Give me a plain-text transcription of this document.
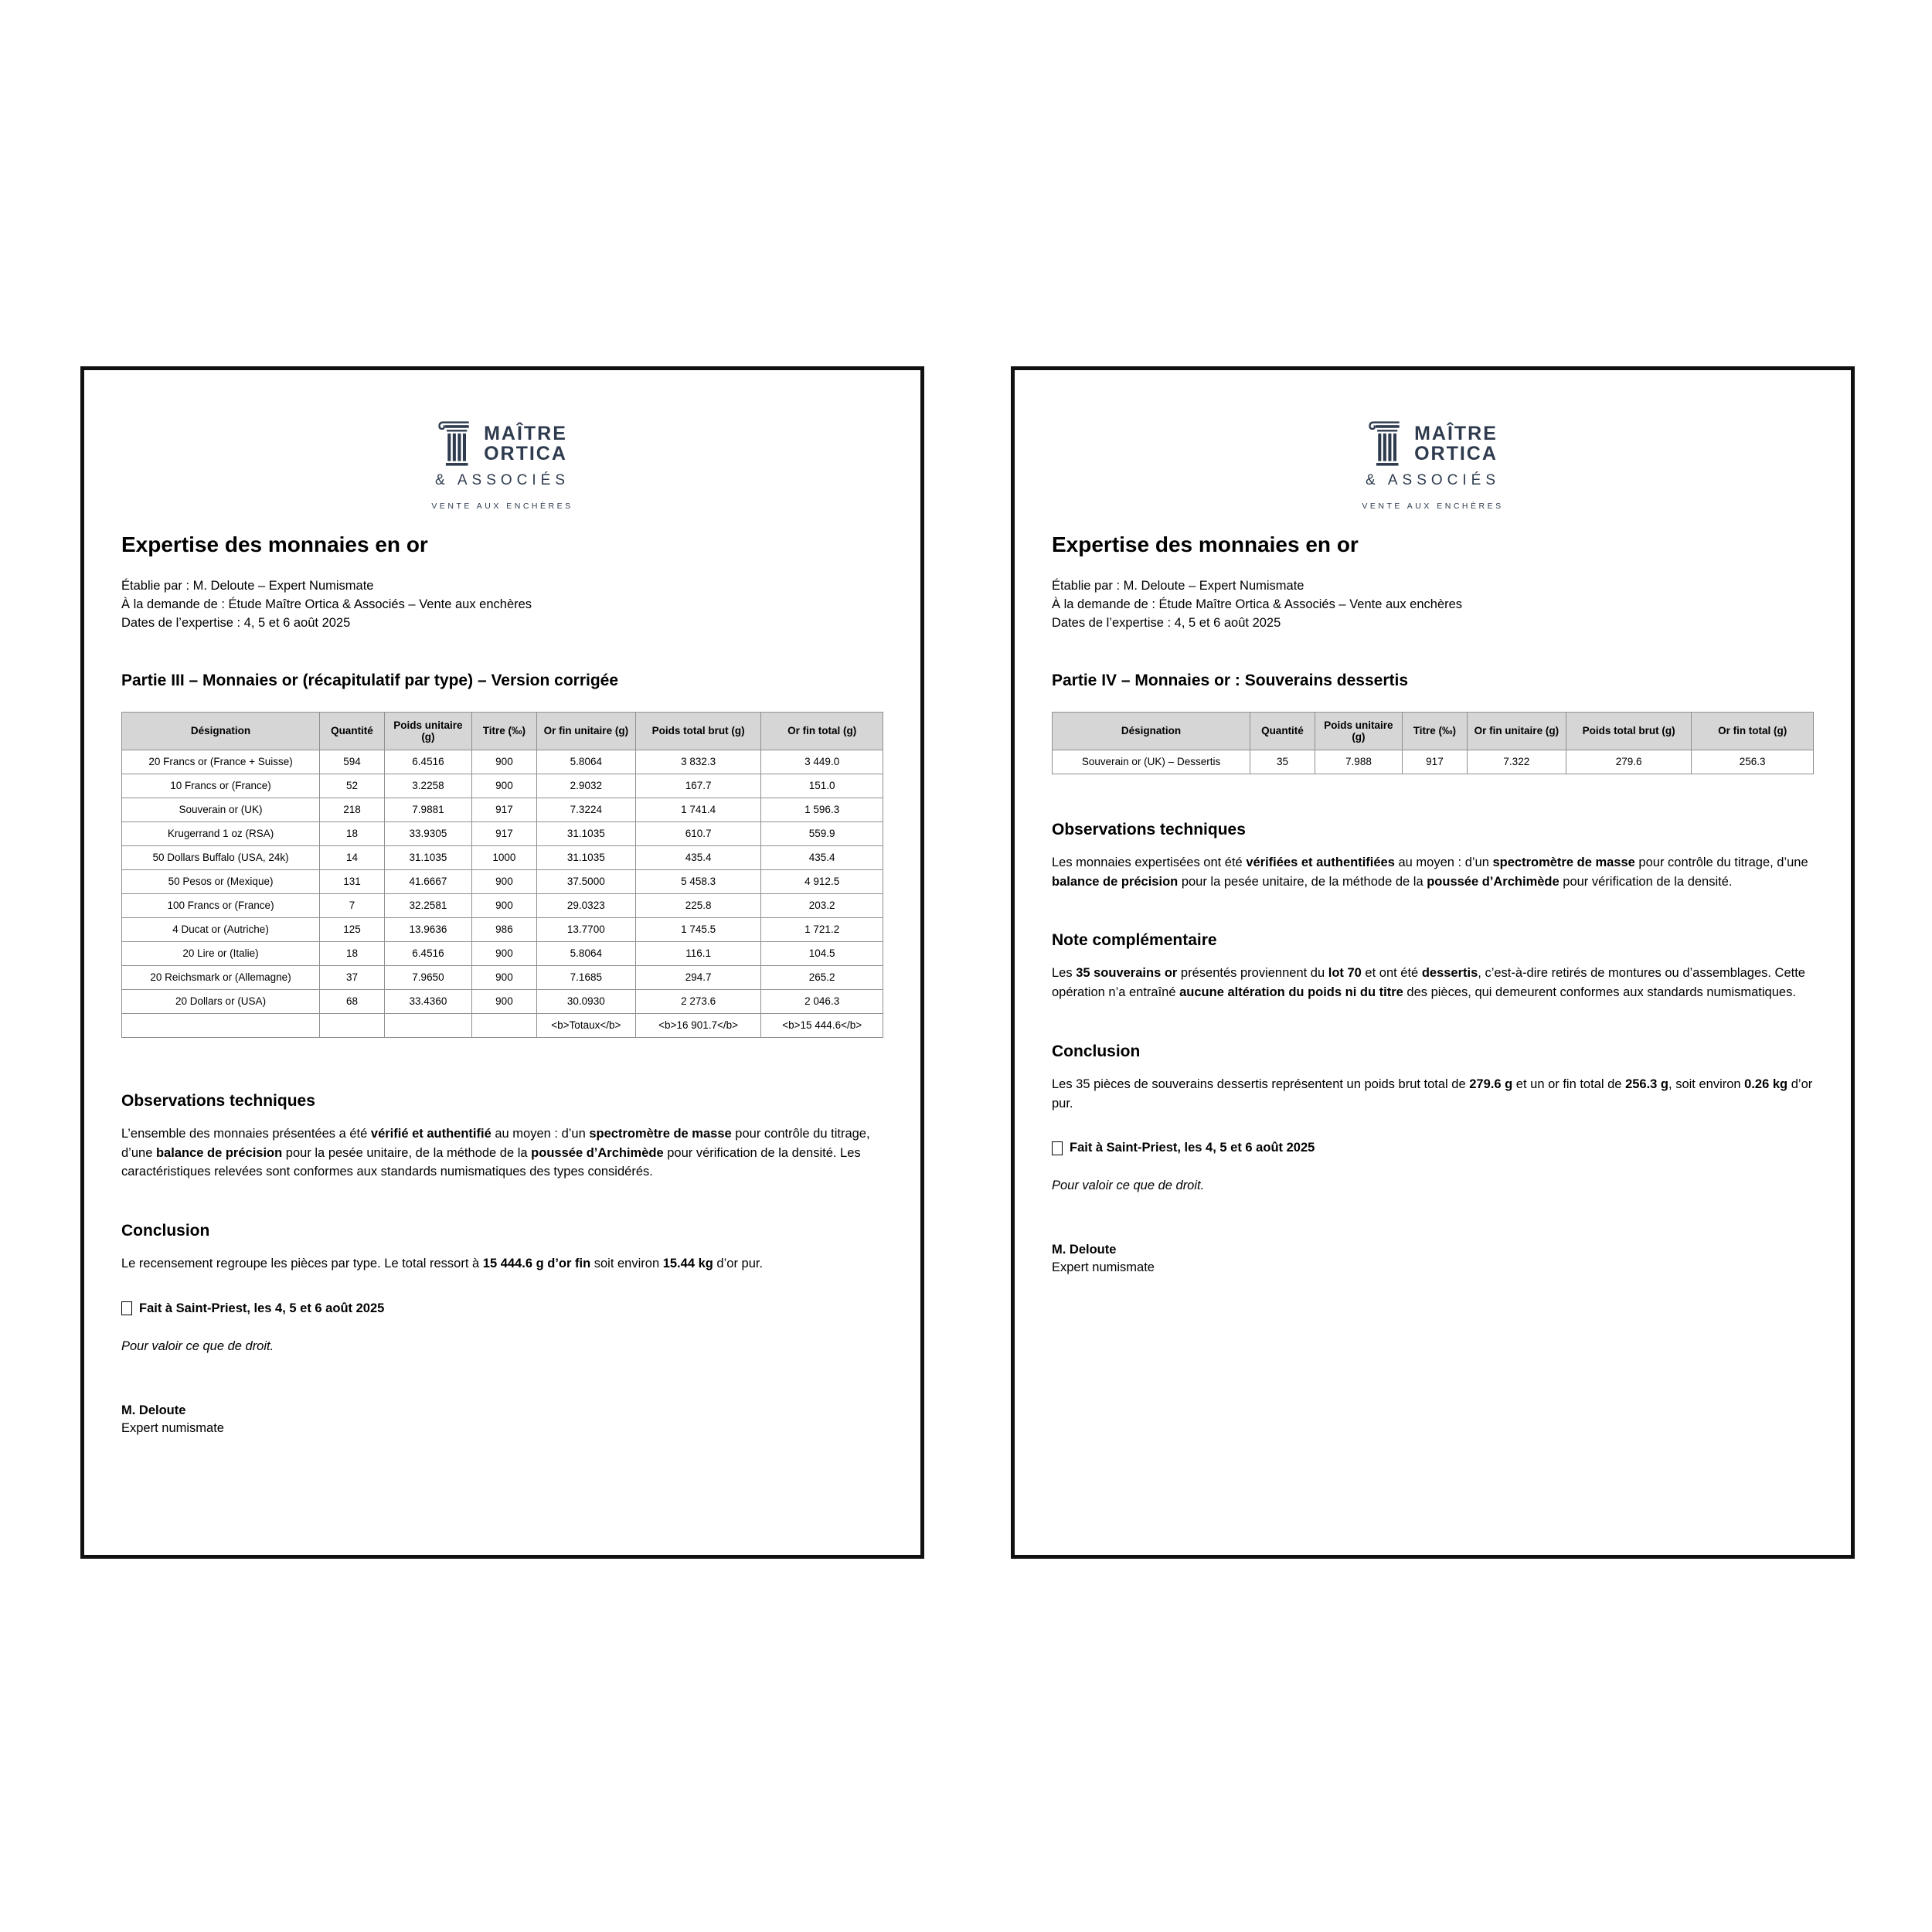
MAÎTRE
ORTICA
& ASSOCIÉS
VENTE AUX ENCHÈRES
Expertise des monnaies en or
Établie par : M. Deloute – Expert Numismate
À la demande de : Étude Maître Ortica & Associés – Vente aux enchères
Dates de l’expertise : 4, 5 et 6 août 2025
Partie III – Monnaies or (récapitulatif par type) – Version corrigée
Désignation	Quantité	Poids unitaire (g)	Titre (‰)	Or fin unitaire (g)	Poids total brut (g)	Or fin total (g)
20 Francs or (France + Suisse)	594	6.4516	900	5.8064	3 832.3	3 449.0
10 Francs or (France)	52	3.2258	900	2.9032	167.7	151.0
Souverain or (UK)	218	7.9881	917	7.3224	1 741.4	1 596.3
Krugerrand 1 oz (RSA)	18	33.9305	917	31.1035	610.7	559.9
50 Dollars Buffalo (USA, 24k)	14	31.1035	1000	31.1035	435.4	435.4
50 Pesos or (Mexique)	131	41.6667	900	37.5000	5 458.3	4 912.5
100 Francs or (France)	7	32.2581	900	29.0323	225.8	203.2
4 Ducat or (Autriche)	125	13.9636	986	13.7700	1 745.5	1 721.2
20 Lire or (Italie)	18	6.4516	900	5.8064	116.1	104.5
20 Reichsmark or (Allemagne)	37	7.9650	900	7.1685	294.7	265.2
20 Dollars or (USA)	68	33.4360	900	30.0930	2 273.6	2 046.3
				<b>Totaux</b>	<b>16 901.7</b>	<b>15 444.6</b>
Observations techniques

L’ensemble des monnaies présentées a été vérifié et authentifié au moyen : d’un spectromètre de masse pour contrôle du titrage, d’une balance de précision pour la pesée unitaire, de la méthode de la poussée d’Archimède pour vérification de la densité. Les caractéristiques relevées sont conformes aux standards numismatiques des types considérés.

Conclusion

Le recensement regroupe les pièces par type. Le total ressort à 15 444.6 g d’or fin soit environ 15.44 kg d’or pur.

Fait à Saint-Priest, les 4, 5 et 6 août 2025

Pour valoir ce que de droit.

M. Deloute
Expert numismate
MAÎTRE
ORTICA
& ASSOCIÉS
VENTE AUX ENCHÈRES
Expertise des monnaies en or
Établie par : M. Deloute – Expert Numismate
À la demande de : Étude Maître Ortica & Associés – Vente aux enchères
Dates de l’expertise : 4, 5 et 6 août 2025
Partie IV – Monnaies or : Souverains dessertis
Désignation	Quantité	Poids unitaire (g)	Titre (‰)	Or fin unitaire (g)	Poids total brut (g)	Or fin total (g)
Souverain or (UK) – Dessertis	35	7.988	917	7.322	279.6	256.3
Observations techniques

Les monnaies expertisées ont été vérifiées et authentifiées au moyen : d’un spectromètre de masse pour contrôle du titrage, d’une balance de précision pour la pesée unitaire, de la méthode de la poussée d’Archimède pour vérification de la densité.

Note complémentaire

Les 35 souverains or présentés proviennent du lot 70 et ont été dessertis, c’est-à-dire retirés de montures ou d’assemblages. Cette opération n’a entraîné aucune altération du poids ni du titre des pièces, qui demeurent conformes aux standards numismatiques.

Conclusion

Les 35 pièces de souverains dessertis représentent un poids brut total de 279.6 g et un or fin total de 256.3 g, soit environ 0.26 kg d’or pur.

Fait à Saint-Priest, les 4, 5 et 6 août 2025

Pour valoir ce que de droit.

M. Deloute
Expert numismate
